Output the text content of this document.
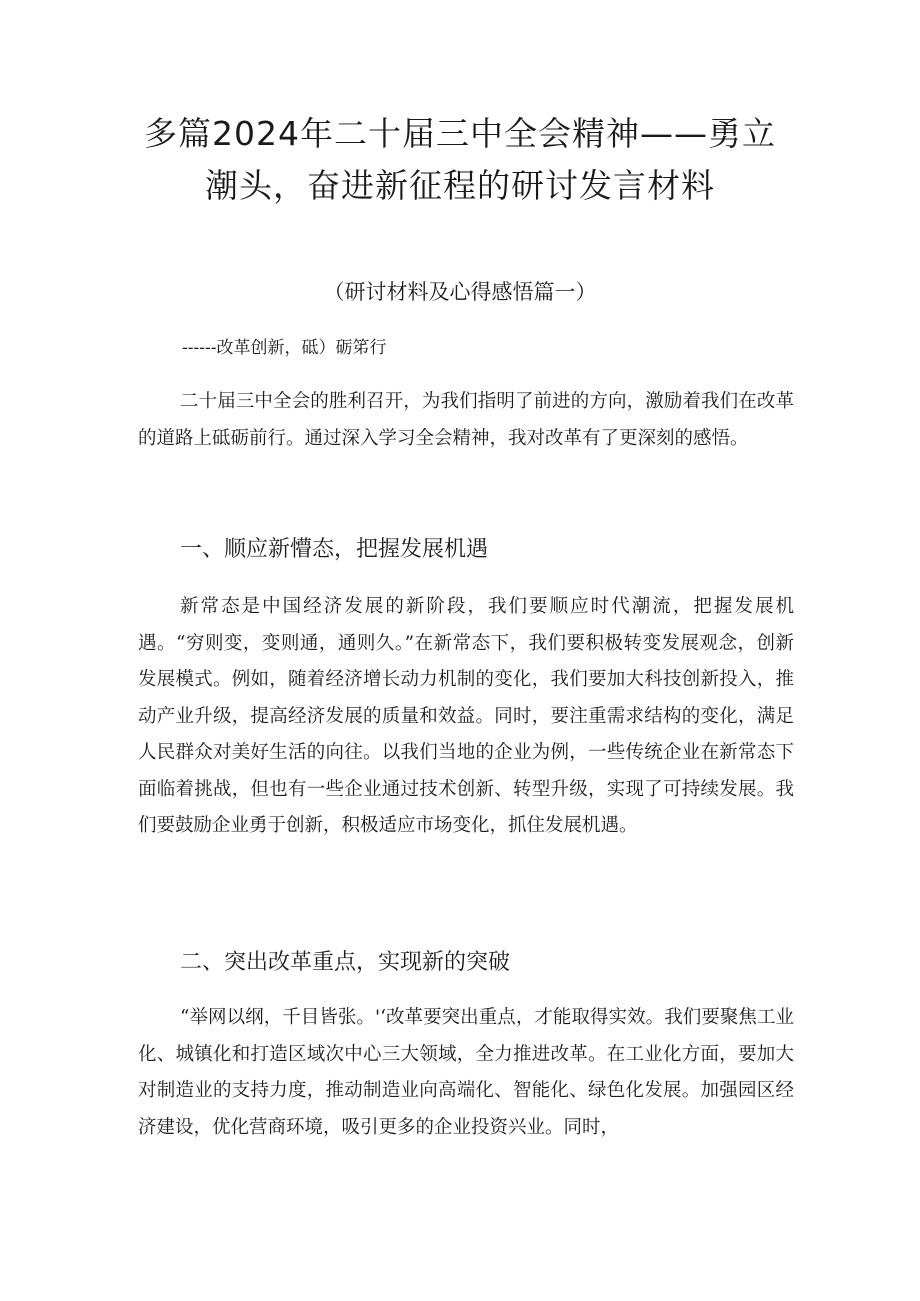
多篇2024年二十届三中全会精神——勇立潮头，奋进新征程的研讨发言材料

（研讨材料及心得感悟篇一）

------改革创新，砥）砺笫行

二十届三中全会的胜利召开，为我们指明了前进的方向，激励着我们在改革的道路上砥砺前行。通过深入学习全会精神，我对改革有了更深刻的感悟。

一、顺应新懵态，把握发展机遇

新常态是中国经济发展的新阶段，我们要顺应时代潮流，把握发展机遇。“穷则变，变则通，通则久。”在新常态下，我们要积极转变发展观念，创新发展模式。例如，随着经济增长动力机制的变化，我们要加大科技创新投入，推动产业升级，提高经济发展的质量和效益。同时，要注重需求结构的变化，满足人民群众对美好生活的向往。以我们当地的企业为例，一些传统企业在新常态下面临着挑战，但也有一些企业通过技术创新、转型升级，实现了可持续发展。我们要鼓励企业勇于创新，积极适应市场变化，抓住发展机遇。

二、突出改革重点，实现新的突破

“举网以纲，千目皆张。'‘改革要突出重点，才能取得实效。我们要聚焦工业化、城镇化和打造区域次中心三大领域，全力推进改革。在工业化方面，要加大对制造业的支持力度，推动制造业向高端化、智能化、绿色化发展。加强园区经济建设，优化营商环境，吸引更多的企业投资兴业。同时，
